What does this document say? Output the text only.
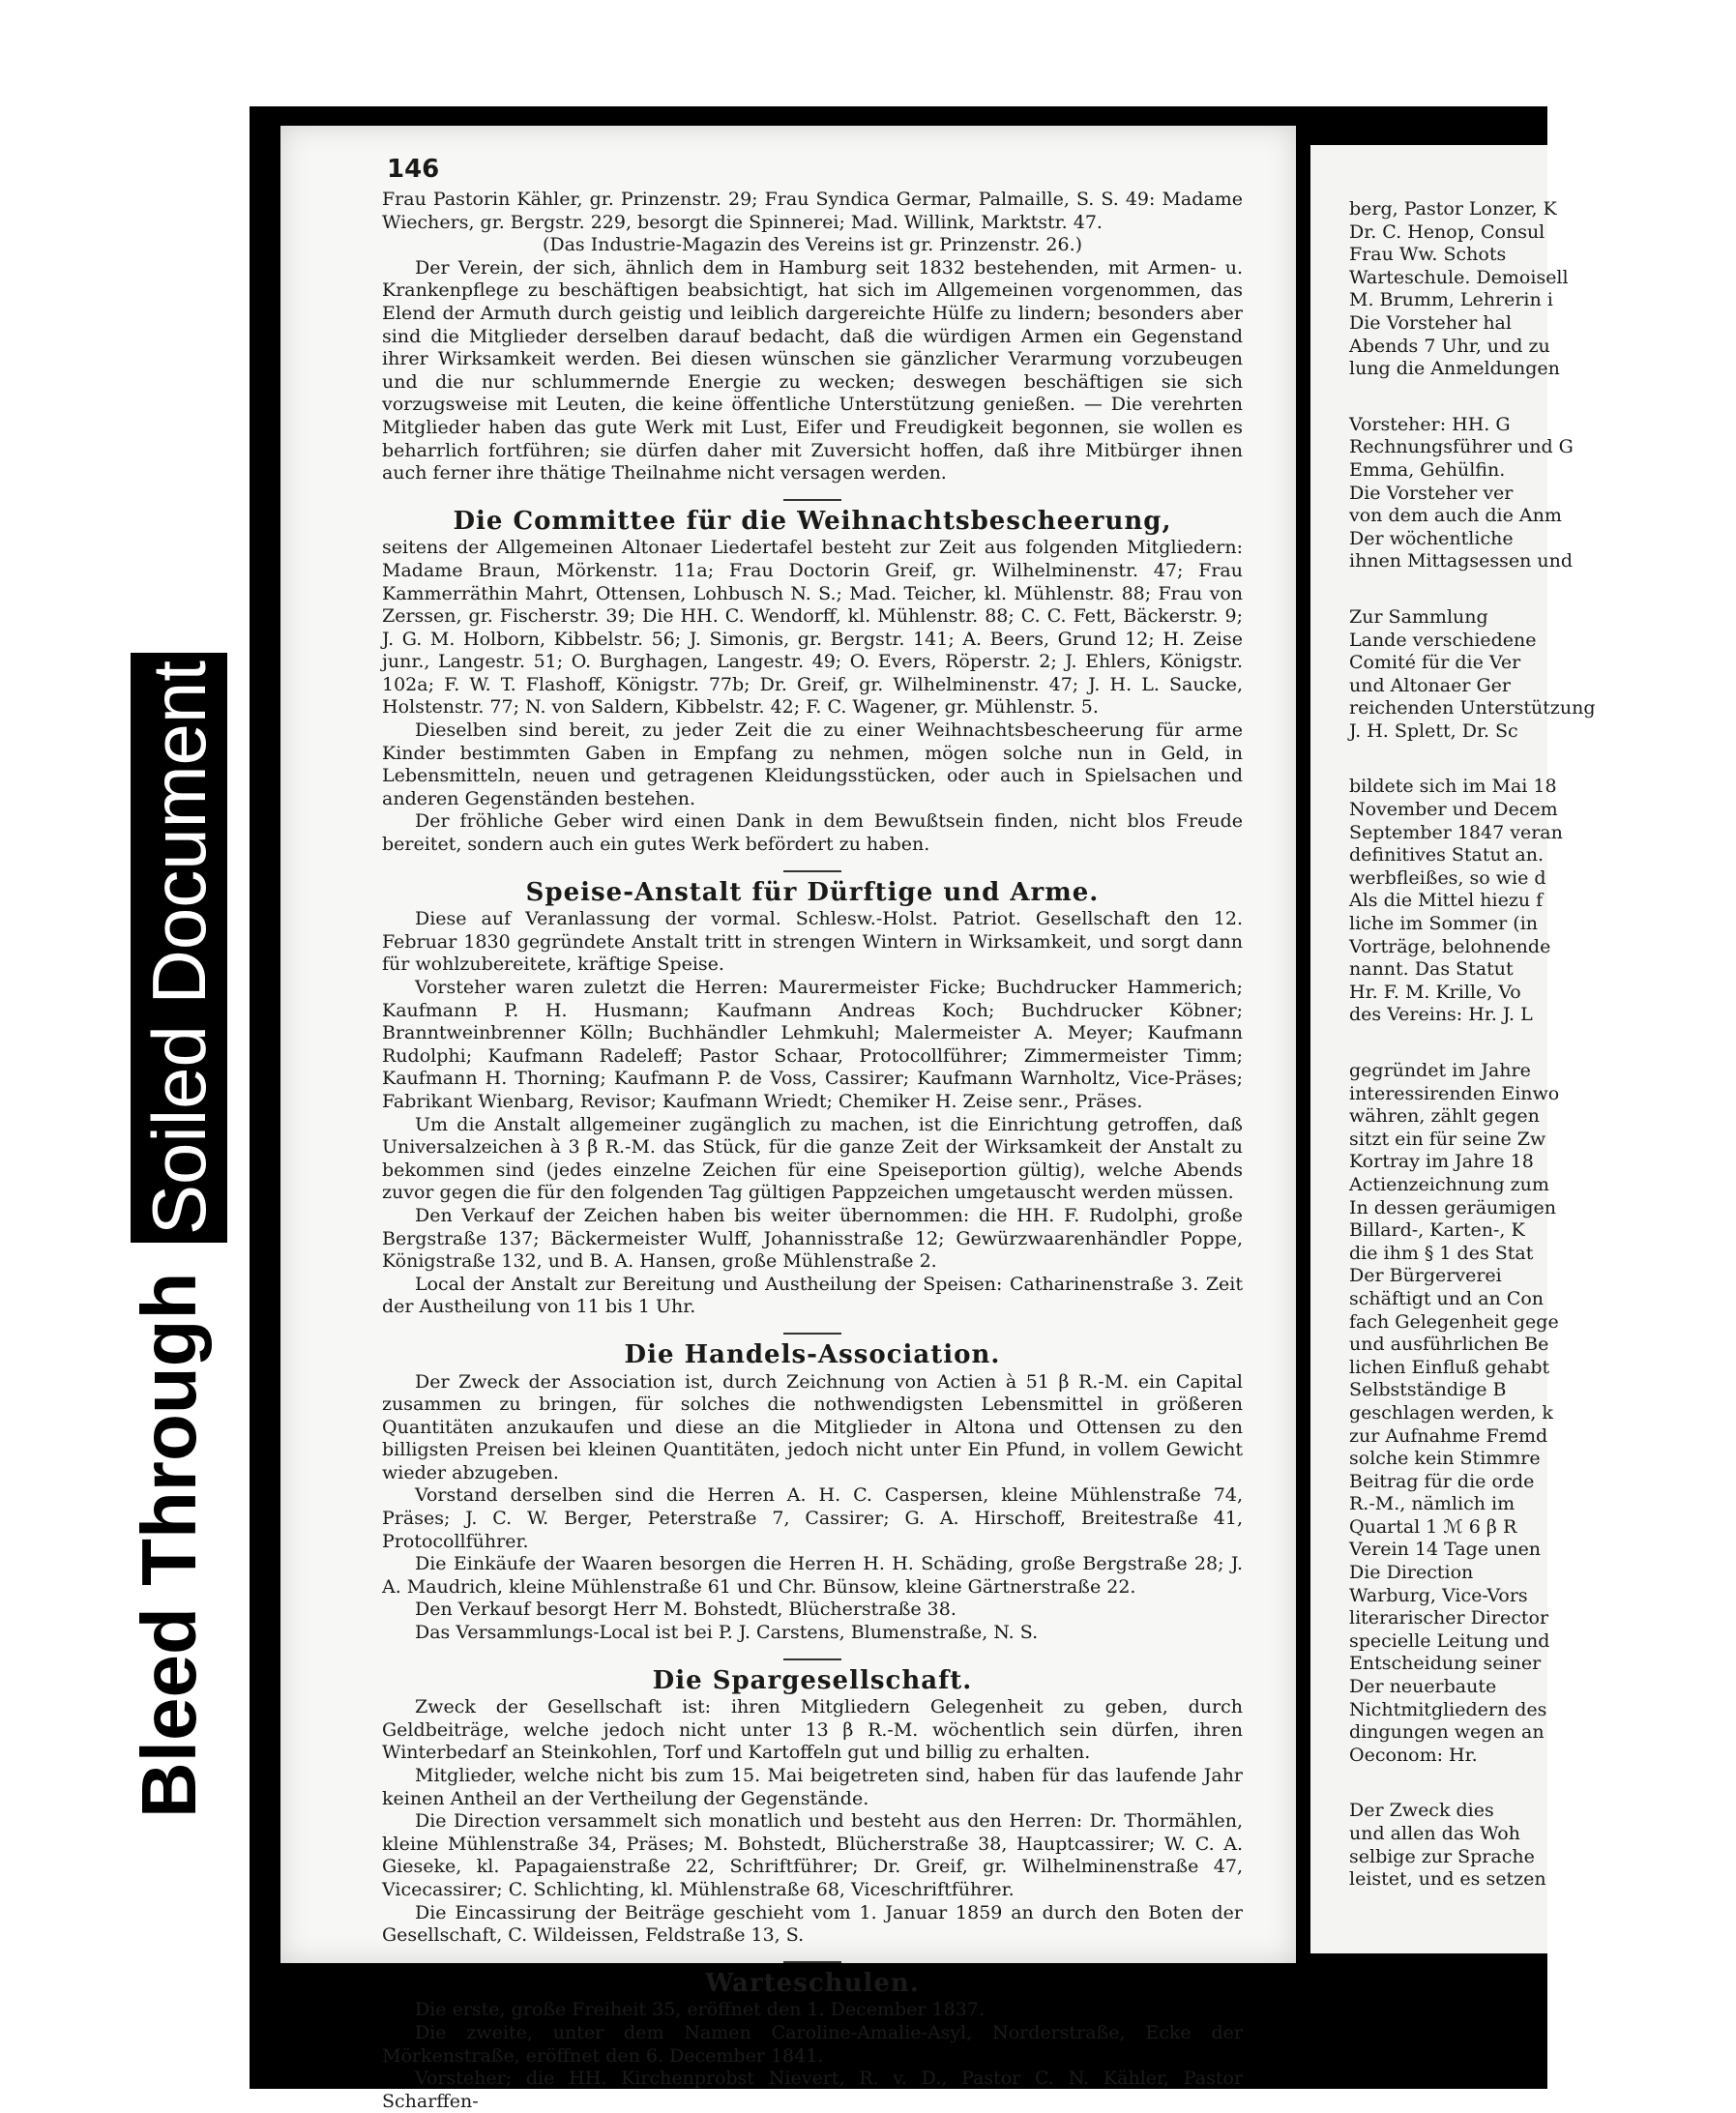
Soiled Document
Bleed Through
146

Frau Pastorin Kähler, gr. Prinzenstr. 29; Frau Syndica Germar, Palmaille, S. S. 49: Madame Wiechers, gr. Bergstr. 229, besorgt die Spinnerei; Mad. Willink, Marktstr. 47.

(Das Industrie-Magazin des Vereins ist gr. Prinzenstr. 26.)

Der Verein, der sich, ähnlich dem in Hamburg seit 1832 bestehenden, mit Armen- u. Krankenpflege zu beschäftigen beabsichtigt, hat sich im Allgemeinen vorgenommen, das Elend der Armuth durch geistig und leiblich dargereichte Hülfe zu lindern; besonders aber sind die Mitglieder derselben darauf bedacht, daß die würdigen Armen ein Gegenstand ihrer Wirksamkeit werden. Bei diesen wünschen sie gänzlicher Verarmung vorzubeugen und die nur schlummernde Energie zu wecken; deswegen beschäftigen sie sich vorzugsweise mit Leuten, die keine öffentliche Unterstützung genießen. — Die verehrten Mitglieder haben das gute Werk mit Lust, Eifer und Freudigkeit begonnen, sie wollen es beharrlich fortführen; sie dürfen daher mit Zuversicht hoffen, daß ihre Mitbürger ihnen auch ferner ihre thätige Theilnahme nicht versagen werden.

Die Committee für die Weihnachtsbescheerung,

seitens der Allgemeinen Altonaer Liedertafel besteht zur Zeit aus folgenden Mitgliedern: Madame Braun, Mörkenstr. 11a; Frau Doctorin Greif, gr. Wilhelminenstr. 47; Frau Kammerräthin Mahrt, Ottensen, Lohbusch N. S.; Mad. Teicher, kl. Mühlenstr. 88; Frau von Zerssen, gr. Fischerstr. 39; Die HH. C. Wendorff, kl. Mühlenstr. 88; C. C. Fett, Bäckerstr. 9; J. G. M. Holborn, Kibbelstr. 56; J. Simonis, gr. Bergstr. 141; A. Beers, Grund 12; H. Zeise junr., Langestr. 51; O. Burghagen, Langestr. 49; O. Evers, Röperstr. 2; J. Ehlers, Königstr. 102a; F. W. T. Flashoff, Königstr. 77b; Dr. Greif, gr. Wilhelminenstr. 47; J. H. L. Saucke, Holstenstr. 77; N. von Saldern, Kibbelstr. 42; F. C. Wagener, gr. Mühlenstr. 5.

Dieselben sind bereit, zu jeder Zeit die zu einer Weihnachtsbescheerung für arme Kinder bestimmten Gaben in Empfang zu nehmen, mögen solche nun in Geld, in Lebensmitteln, neuen und getragenen Kleidungsstücken, oder auch in Spielsachen und anderen Gegenständen bestehen.

Der fröhliche Geber wird einen Dank in dem Bewußtsein finden, nicht blos Freude bereitet, sondern auch ein gutes Werk befördert zu haben.

Speise-Anstalt für Dürftige und Arme.

Diese auf Veranlassung der vormal. Schlesw.-Holst. Patriot. Gesellschaft den 12. Februar 1830 gegründete Anstalt tritt in strengen Wintern in Wirksamkeit, und sorgt dann für wohlzubereitete, kräftige Speise.

Vorsteher waren zuletzt die Herren: Maurermeister Ficke; Buchdrucker Hammerich; Kaufmann P. H. Husmann; Kaufmann Andreas Koch; Buchdrucker Köbner; Branntweinbrenner Kölln; Buchhändler Lehmkuhl; Malermeister A. Meyer; Kaufmann Rudolphi; Kaufmann Radeleff; Pastor Schaar, Protocollführer; Zimmermeister Timm; Kaufmann H. Thorning; Kaufmann P. de Voss, Cassirer; Kaufmann Warnholtz, Vice-Präses; Fabrikant Wienbarg, Revisor; Kaufmann Wriedt; Chemiker H. Zeise senr., Präses.

Um die Anstalt allgemeiner zugänglich zu machen, ist die Einrichtung getroffen, daß Universalzeichen à 3 β R.-M. das Stück, für die ganze Zeit der Wirksamkeit der Anstalt zu bekommen sind (jedes einzelne Zeichen für eine Speiseportion gültig), welche Abends zuvor gegen die für den folgenden Tag gültigen Pappzeichen umgetauscht werden müssen.

Den Verkauf der Zeichen haben bis weiter übernommen: die HH. F. Rudolphi, große Bergstraße 137; Bäckermeister Wulff, Johannisstraße 12; Gewürzwaarenhändler Poppe, Königstraße 132, und B. A. Hansen, große Mühlenstraße 2.

Local der Anstalt zur Bereitung und Austheilung der Speisen: Catharinenstraße 3. Zeit der Austheilung von 11 bis 1 Uhr.

Die Handels-Association.

Der Zweck der Association ist, durch Zeichnung von Actien à 51 β R.-M. ein Capital zusammen zu bringen, für solches die nothwendigsten Lebensmittel in größeren Quantitäten anzukaufen und diese an die Mitglieder in Altona und Ottensen zu den billigsten Preisen bei kleinen Quantitäten, jedoch nicht unter Ein Pfund, in vollem Gewicht wieder abzugeben.

Vorstand derselben sind die Herren A. H. C. Caspersen, kleine Mühlenstraße 74, Präses; J. C. W. Berger, Peterstraße 7, Cassirer; G. A. Hirschoff, Breitestraße 41, Protocollführer.

Die Einkäufe der Waaren besorgen die Herren H. H. Schäding, große Bergstraße 28; J. A. Maudrich, kleine Mühlenstraße 61 und Chr. Bünsow, kleine Gärtnerstraße 22.

Den Verkauf besorgt Herr M. Bohstedt, Blücherstraße 38.

Das Versammlungs-Local ist bei P. J. Carstens, Blumenstraße, N. S.

Die Spargesellschaft.

Zweck der Gesellschaft ist: ihren Mitgliedern Gelegenheit zu geben, durch Geldbeiträge, welche jedoch nicht unter 13 β R.-M. wöchentlich sein dürfen, ihren Winterbedarf an Steinkohlen, Torf und Kartoffeln gut und billig zu erhalten.

Mitglieder, welche nicht bis zum 15. Mai beigetreten sind, haben für das laufende Jahr keinen Antheil an der Vertheilung der Gegenstände.

Die Direction versammelt sich monatlich und besteht aus den Herren: Dr. Thormählen, kleine Mühlenstraße 34, Präses; M. Bohstedt, Blücherstraße 38, Hauptcassirer; W. C. A. Gieseke, kl. Papagaienstraße 22, Schriftführer; Dr. Greif, gr. Wilhelminenstraße 47, Vicecassirer; C. Schlichting, kl. Mühlenstraße 68, Viceschriftführer.

Die Eincassirung der Beiträge geschieht vom 1. Januar 1859 an durch den Boten der Gesellschaft, C. Wildeissen, Feldstraße 13, S.

Warteschulen.

Die erste, große Freiheit 35, eröffnet den 1. December 1837.

Die zweite, unter dem Namen Caroline-Amalie-Asyl, Norderstraße, Ecke der Mörkenstraße, eröffnet den 6. December 1841.

Vorsteher; die HH. Kirchenprobst Nievert, R. v. D., Pastor C. N. Kähler, Pastor Scharffen-

berg, Pastor Lonzer, K

Dr. C. Henop, Consul

Frau Ww. Schots

Warteschule. Demoisell

M. Brumm, Lehrerin i

Die Vorsteher hal

Abends 7 Uhr, und zu

lung die Anmeldungen

Vorsteher: HH. G

Rechnungsführer und G

Emma, Gehülfin.

Die Vorsteher ver

von dem auch die Anm

Der wöchentliche

ihnen Mittagsessen und

Zur Sammlung

Lande verschiedene

Comité für die Ver

und Altonaer Ger

reichenden Unterstützung

J. H. Splett, Dr. Sc

bildete sich im Mai 18

November und Decem

September 1847 veran

definitives Statut an.

werbfleißes, so wie d

Als die Mittel hiezu f

liche im Sommer (in

Vorträge, belohnende

nannt. Das Statut

Hr. F. M. Krille, Vo

des Vereins: Hr. J. L

gegründet im Jahre

interessirenden Einwo

währen, zählt gegen

sitzt ein für seine Zw

Kortray im Jahre 18

Actienzeichnung zum

In dessen geräumigen

Billard-, Karten-, K

die ihm § 1 des Stat

Der Bürgerverei

schäftigt und an Con

fach Gelegenheit gege

und ausführlichen Be

lichen Einfluß gehabt

Selbstständige B

geschlagen werden, k

zur Aufnahme Fremd

solche kein Stimmre

Beitrag für die orde

R.-M., nämlich im

Quartal 1 ℳ 6 β R

Verein 14 Tage unen

Die Direction

Warburg, Vice-Vors

literarischer Director

specielle Leitung und

Entscheidung seiner

Der neuerbaute

Nichtmitgliedern des

dingungen wegen an

Oeconom: Hr.

Der Zweck dies

und allen das Woh

selbige zur Sprache

leistet, und es setzen
